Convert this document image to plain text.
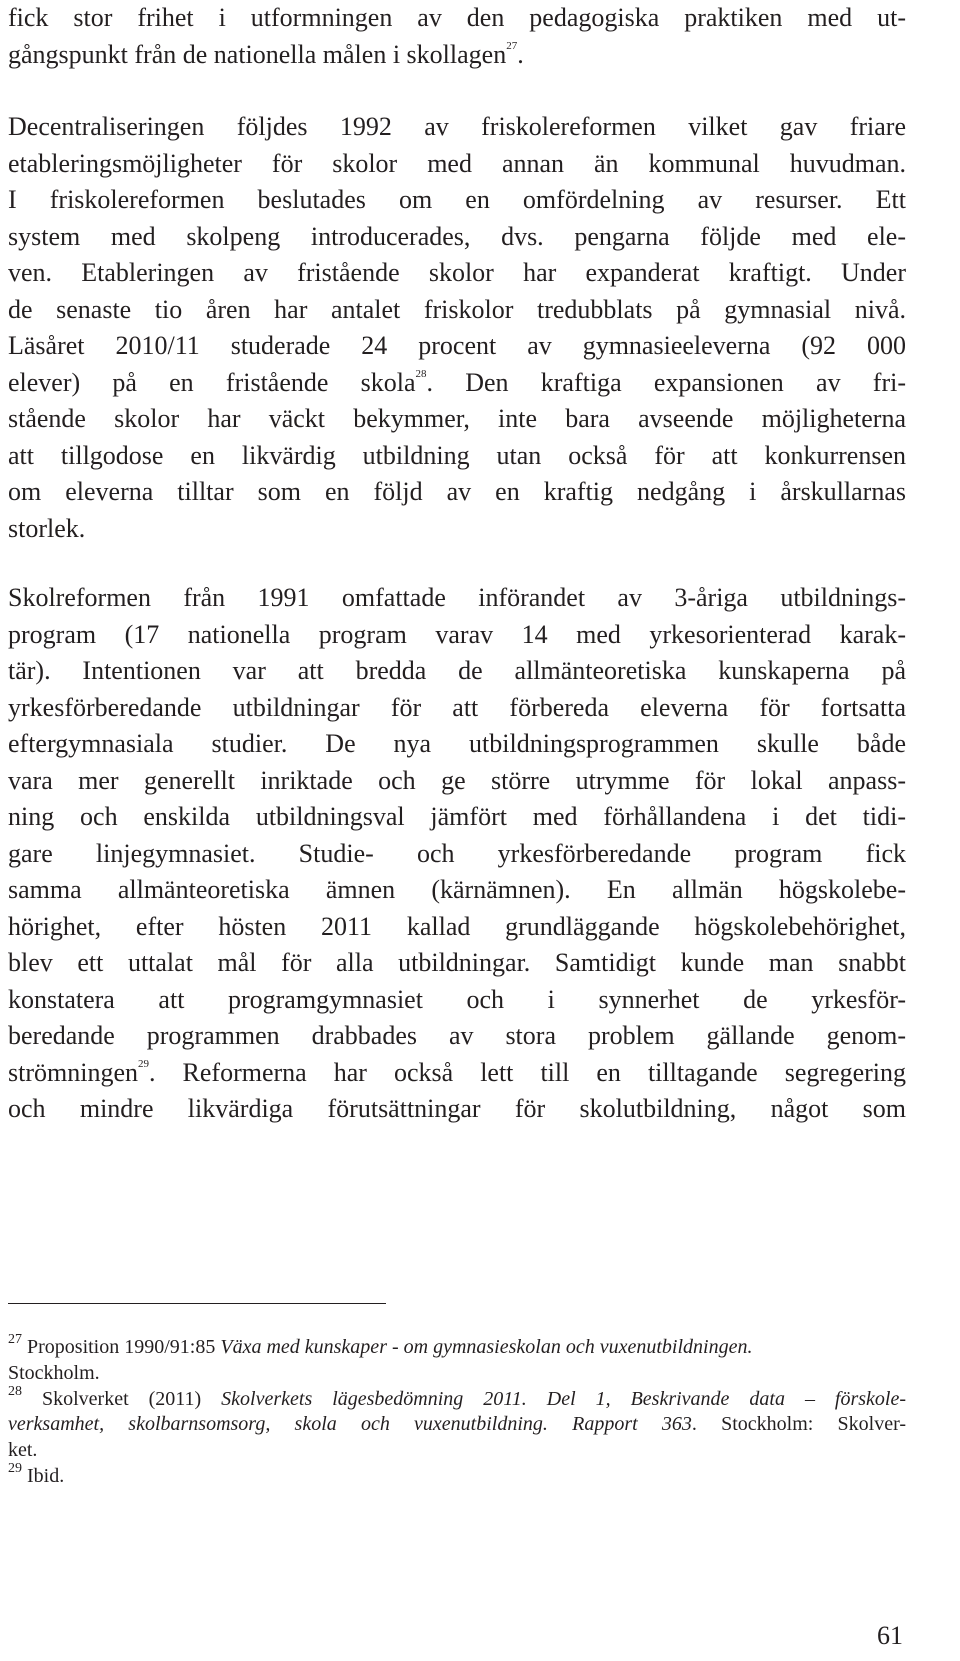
fick stor frihet i utformningen av den pedagogiska praktiken med ut-
gångspunkt från de nationella målen i skollagen$^{27}$.
Decentraliseringen följdes 1992 av friskolereformen vilket gav friare
etableringsmöjligheter för skolor med annan än kommunal huvudman.
I friskolereformen beslutades om en omfördelning av resurser. Ett
system med skolpeng introducerades, dvs. pengarna följde med ele-
ven. Etableringen av fristående skolor har expanderat kraftigt. Under
de senaste tio åren har antalet friskolor tredubblats på gymnasial nivå.
Läsåret 2010/11 studerade 24 procent av gymnasieeleverna (92 000
elever) på en fristående skola$^{28}$. Den kraftiga expansionen av fri-
stående skolor har väckt bekymmer, inte bara avseende möjligheterna
att tillgodose en likvärdig utbildning utan också för att konkurrensen
om eleverna tilltar som en följd av en kraftig nedgång i årskullarnas
storlek.
Skolreformen från 1991 omfattade införandet av 3-åriga utbildnings-
program (17 nationella program varav 14 med yrkesorienterad karak-
tär). Intentionen var att bredda de allmänteoretiska kunskaperna på
yrkesförberedande utbildningar för att förbereda eleverna för fortsatta
eftergymnasiala studier. De nya utbildningsprogrammen skulle både
vara mer generellt inriktade och ge större utrymme för lokal anpass-
ning och enskilda utbildningsval jämfört med förhållandena i det tidi-
gare linjegymnasiet. Studie- och yrkesförberedande program fick
samma allmänteoretiska ämnen (kärnämnen). En allmän högskolebe-
hörighet, efter hösten 2011 kallad grundläggande högskolebehörighet,
blev ett uttalat mål för alla utbildningar. Samtidigt kunde man snabbt
konstatera att programgymnasiet och i synnerhet de yrkesför-
beredande programmen drabbades av stora problem gällande genom-
strömningen$^{29}$. Reformerna har också lett till en tilltagande segregering
och mindre likvärdiga förutsättningar för skolutbildning, något som
$^{27}$ Proposition 1990/91:85 Växa med kunskaper - om gymnasieskolan och vuxenutbildningen.
Stockholm.
$^{28}$ Skolverket (2011) Skolverkets lägesbedömning 2011. Del 1, Beskrivande data – förskole-
verksamhet, skolbarnsomsorg, skola och vuxenutbildning. Rapport 363. Stockholm: Skolver-
ket.
$^{29}$ Ibid.
61
